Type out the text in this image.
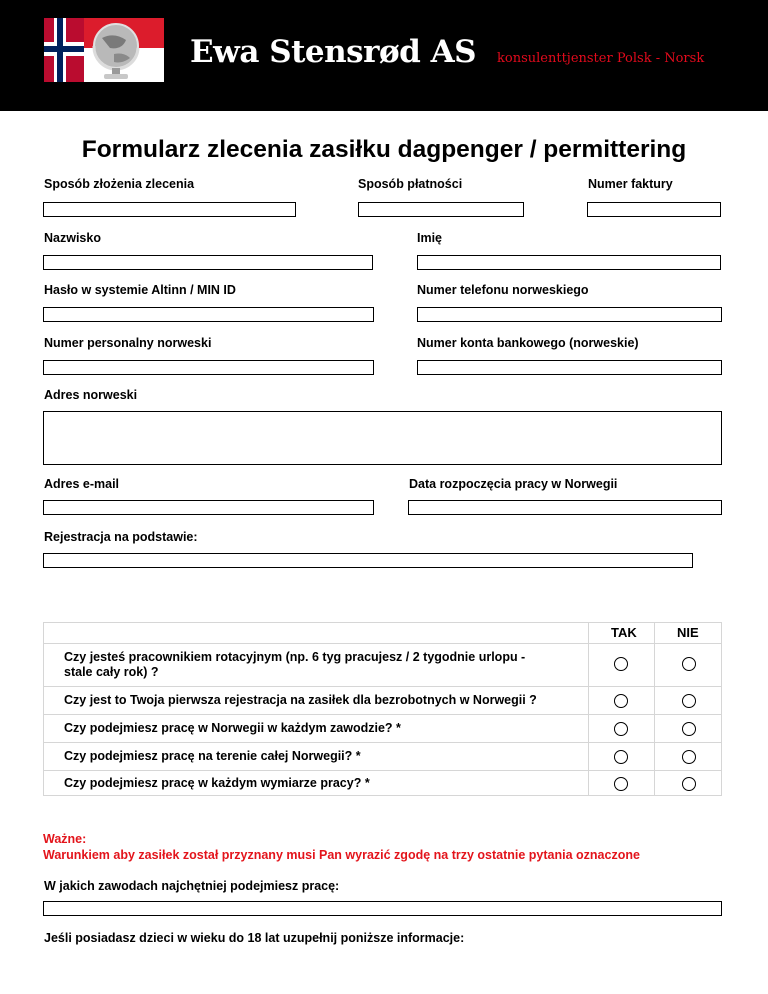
Ewa Stensrød AS konsulenttjenster Polsk - Norsk
Formularz zlecenia zasiłku dagpenger / permittering
Sposób złożenia zlecenia	Sposób płatności	Numer faktury
Nazwisko	Imię
Hasło w systemie Altinn / MIN ID	Numer telefonu norweskiego
Numer personalny norweski	Numer konta bankowego (norweskie)
Adres norweski
Adres e-mail	Data rozpoczęcia pracy w Norwegii
Rejestracja na podstawie:
TAK	NIE
Czy jesteś pracownikiem rotacyjnym (np. 6 tyg pracujesz / 2 tygodnie urlopu - stale cały rok) ?
Czy jest to Twoja pierwsza rejestracja na zasiłek dla bezrobotnych w Norwegii ?
Czy podejmiesz pracę w Norwegii w każdym zawodzie? *
Czy podejmiesz pracę na terenie całej Norwegii? *
Czy podejmiesz pracę w każdym wymiarze pracy? *
Ważne:
Warunkiem aby zasiłek został przyznany musi Pan wyrazić zgodę na trzy ostatnie pytania oznaczone
W jakich zawodach najchętniej podejmiesz pracę:
Jeśli posiadasz dzieci w wieku do 18 lat uzupełnij poniższe informacje:
